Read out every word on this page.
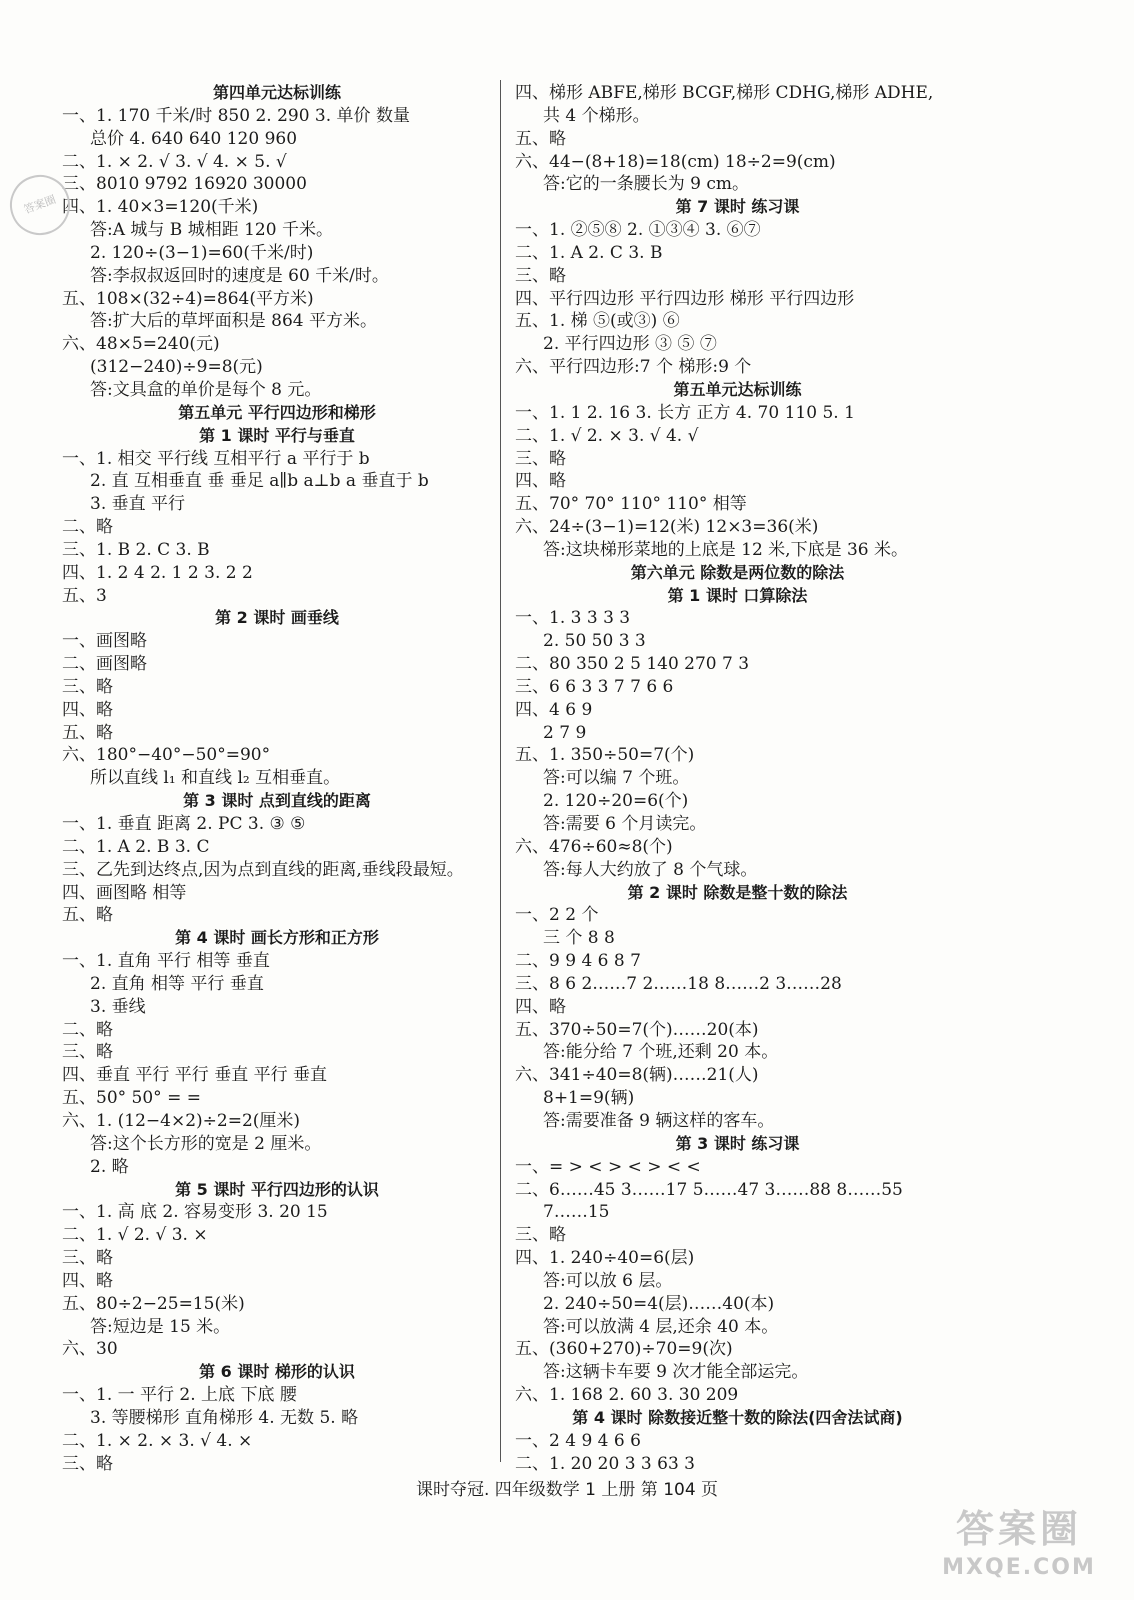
第四单元达标训练
一、1. 170 千米/时 850 2. 290 3. 单价 数量
总价 4. 640 640 120 960
二、1. × 2. √ 3. √ 4. × 5. √
三、8010 9792 16920 30000
四、1. 40×3=120(千米)
答:A 城与 B 城相距 120 千米。
2. 120÷(3−1)=60(千米/时)
答:李叔叔返回时的速度是 60 千米/时。
五、108×(32÷4)=864(平方米)
答:扩大后的草坪面积是 864 平方米。
六、48×5=240(元)
(312−240)÷9=8(元)
答:文具盒的单价是每个 8 元。
第五单元 平行四边形和梯形
第 1 课时 平行与垂直
一、1. 相交 平行线 互相平行 a 平行于 b
2. 直 互相垂直 垂 垂足 a∥b a⊥b a 垂直于 b
3. 垂直 平行
二、略
三、1. B 2. C 3. B
四、1. 2 4 2. 1 2 3. 2 2
五、3
第 2 课时 画垂线
一、画图略
二、画图略
三、略
四、略
五、略
六、180°−40°−50°=90°
所以直线 l₁ 和直线 l₂ 互相垂直。
第 3 课时 点到直线的距离
一、1. 垂直 距离 2. PC 3. ③ ⑤
二、1. A 2. B 3. C
三、乙先到达终点,因为点到直线的距离,垂线段最短。
四、画图略 相等
五、略
第 4 课时 画长方形和正方形
一、1. 直角 平行 相等 垂直
2. 直角 相等 平行 垂直
3. 垂线
二、略
三、略
四、垂直 平行 平行 垂直 平行 垂直
五、50° 50° = =
六、1. (12−4×2)÷2=2(厘米)
答:这个长方形的宽是 2 厘米。
2. 略
第 5 课时 平行四边形的认识
一、1. 高 底 2. 容易变形 3. 20 15
二、1. √ 2. √ 3. ×
三、略
四、略
五、80÷2−25=15(米)
答:短边是 15 米。
六、30
第 6 课时 梯形的认识
一、1. 一 平行 2. 上底 下底 腰
3. 等腰梯形 直角梯形 4. 无数 5. 略
二、1. × 2. × 3. √ 4. ×
三、略
四、梯形 ABFE,梯形 BCGF,梯形 CDHG,梯形 ADHE,
共 4 个梯形。
五、略
六、44−(8+18)=18(cm) 18÷2=9(cm)
答:它的一条腰长为 9 cm。
第 7 课时 练习课
一、1. ②⑤⑧ 2. ①③④ 3. ⑥⑦
二、1. A 2. C 3. B
三、略
四、平行四边形 平行四边形 梯形 平行四边形
五、1. 梯 ⑤(或③) ⑥
2. 平行四边形 ③ ⑤ ⑦
六、平行四边形:7 个 梯形:9 个
第五单元达标训练
一、1. 1 2. 16 3. 长方 正方 4. 70 110 5. 1
二、1. √ 2. × 3. √ 4. √
三、略
四、略
五、70° 70° 110° 110° 相等
六、24÷(3−1)=12(米) 12×3=36(米)
答:这块梯形菜地的上底是 12 米,下底是 36 米。
第六单元 除数是两位数的除法
第 1 课时 口算除法
一、1. 3 3 3 3
2. 50 50 3 3
二、80 350 2 5 140 270 7 3
三、6 6 3 3 7 7 6 6
四、4 6 9
2 7 9
五、1. 350÷50=7(个)
答:可以编 7 个班。
2. 120÷20=6(个)
答:需要 6 个月读完。
六、476÷60≈8(个)
答:每人大约放了 8 个气球。
第 2 课时 除数是整十数的除法
一、2 2 个
三 个 8 8
二、9 9 4 6 8 7
三、8 6 2……7 2……18 8……2 3……28
四、略
五、370÷50=7(个)……20(本)
答:能分给 7 个班,还剩 20 本。
六、341÷40=8(辆)……21(人)
8+1=9(辆)
答:需要准备 9 辆这样的客车。
第 3 课时 练习课
一、= > < > < > < <
二、6……45 3……17 5……47 3……88 8……55
7……15
三、略
四、1. 240÷40=6(层)
答:可以放 6 层。
2. 240÷50=4(层)……40(本)
答:可以放满 4 层,还余 40 本。
五、(360+270)÷70=9(次)
答:这辆卡车要 9 次才能全部运完。
六、1. 168 2. 60 3. 30 209
第 4 课时 除数接近整十数的除法(四舍法试商)
一、2 4 9 4 6 6
二、1. 20 20 3 3 63 3
答案圈
课时夺冠. 四年级数学 1 上册 第 104 页
答案圈
MXQE.COM
